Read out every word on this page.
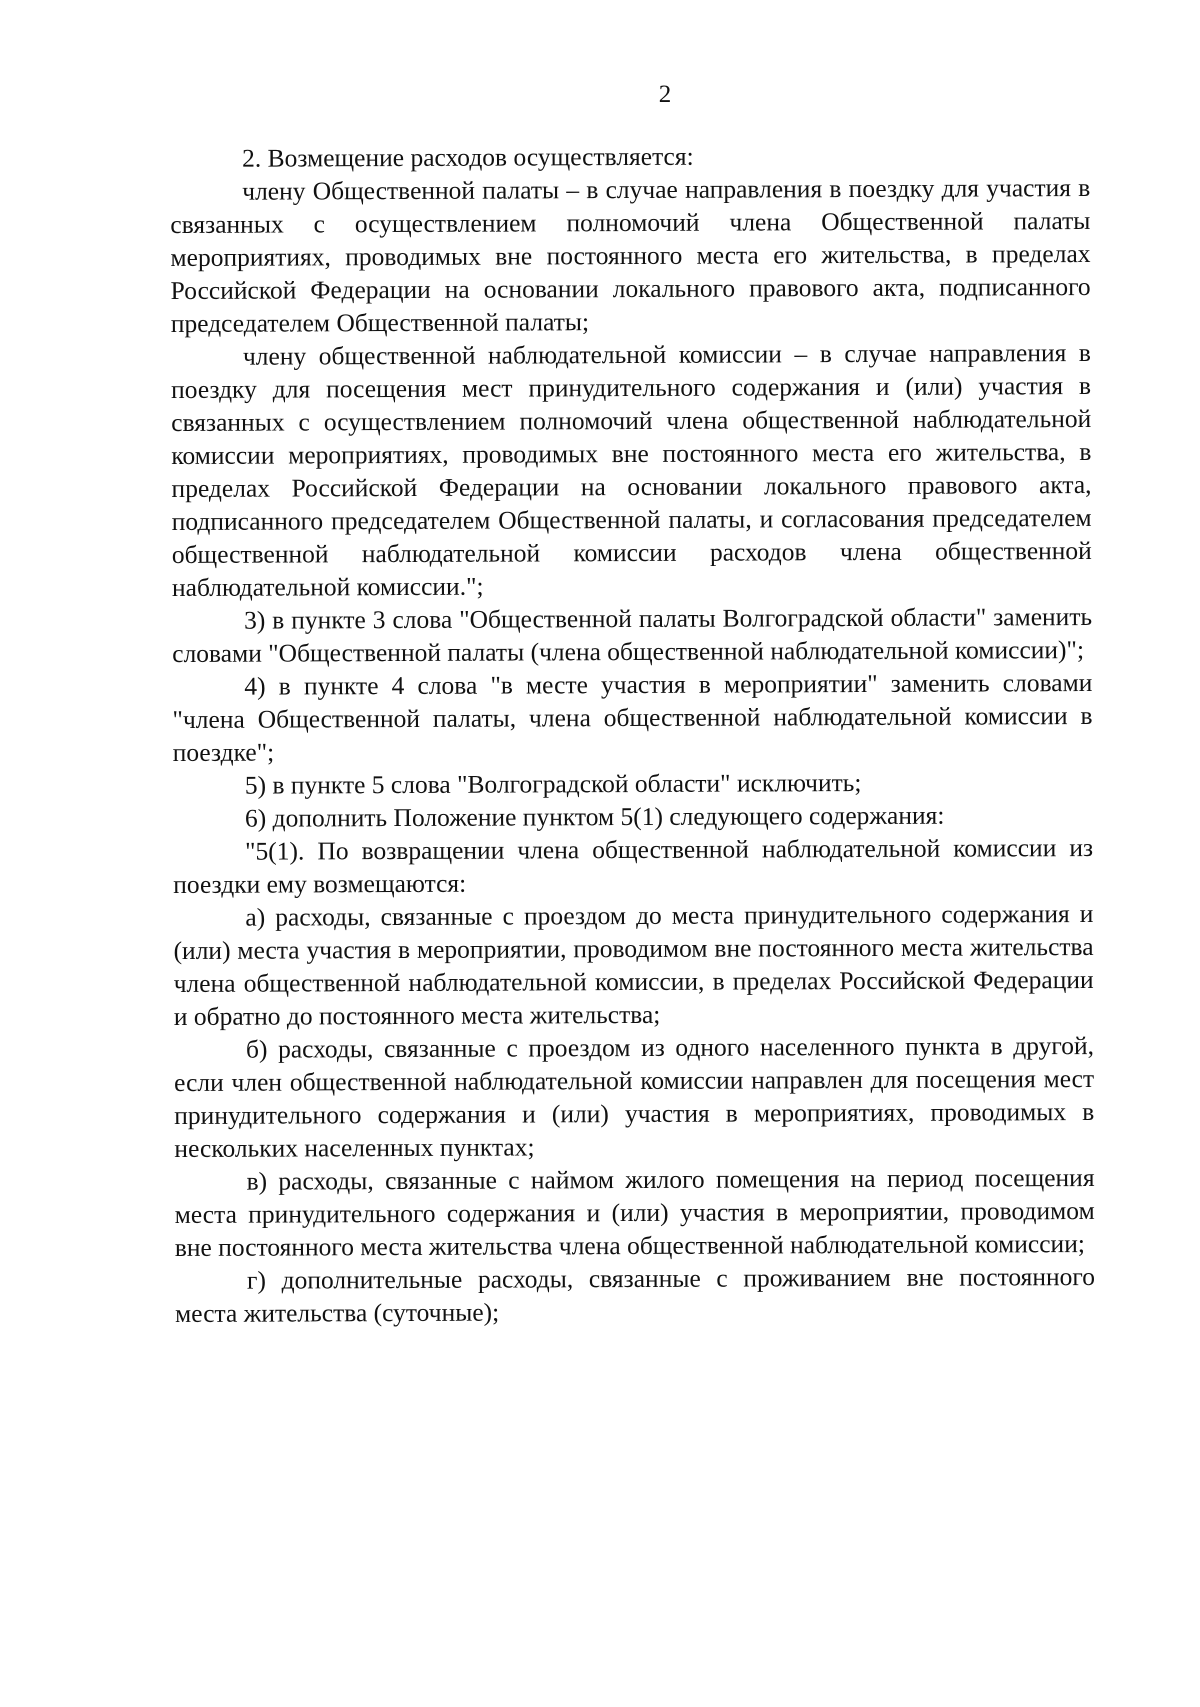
2

2. Возмещение расходов осуществляется:

члену Общественной палаты – в случае направления в поездку для участия в связанных с осуществлением полномочий члена Общественной палаты мероприятиях, проводимых вне постоянного места его жительства, в пределах Российской Федерации на основании локального правового акта, подписанного председателем Общественной палаты;

члену общественной наблюдательной комиссии – в случае направления в поездку для посещения мест принудительного содержания и (или) участия в связанных с осуществлением полномочий члена общественной наблюдательной комиссии мероприятиях, проводимых вне постоянного места его жительства, в пределах Российской Федерации на основании локального правового акта, подписанного председателем Общественной палаты, и согласования председателем общественной наблюдательной комиссии расходов члена общественной наблюдательной комиссии.";

3) в пункте 3 слова "Общественной палаты Волгоградской области" заменить словами "Общественной палаты (члена общественной наблюдательной комиссии)";

4) в пункте 4 слова "в месте участия в мероприятии" заменить словами "члена Общественной палаты, члена общественной наблюдательной комиссии в поездке";

5) в пункте 5 слова "Волгоградской области" исключить;

6) дополнить Положение пунктом 5(1) следующего содержания:

"5(1). По возвращении члена общественной наблюдательной комиссии из поездки ему возмещаются:

а) расходы, связанные с проездом до места принудительного содержания и (или) места участия в мероприятии, проводимом вне постоянного места жительства члена общественной наблюдательной комиссии, в пределах Российской Федерации и обратно до постоянного места жительства;

б) расходы, связанные с проездом из одного населенного пункта в другой, если член общественной наблюдательной комиссии направлен для посещения мест принудительного содержания и (или) участия в мероприятиях, проводимых в нескольких населенных пунктах;

в) расходы, связанные с наймом жилого помещения на период посещения места принудительного содержания и (или) участия в мероприятии, проводимом вне постоянного места жительства члена общественной наблюдательной комиссии;

г) дополнительные расходы, связанные с проживанием вне постоянного места жительства (суточные);
